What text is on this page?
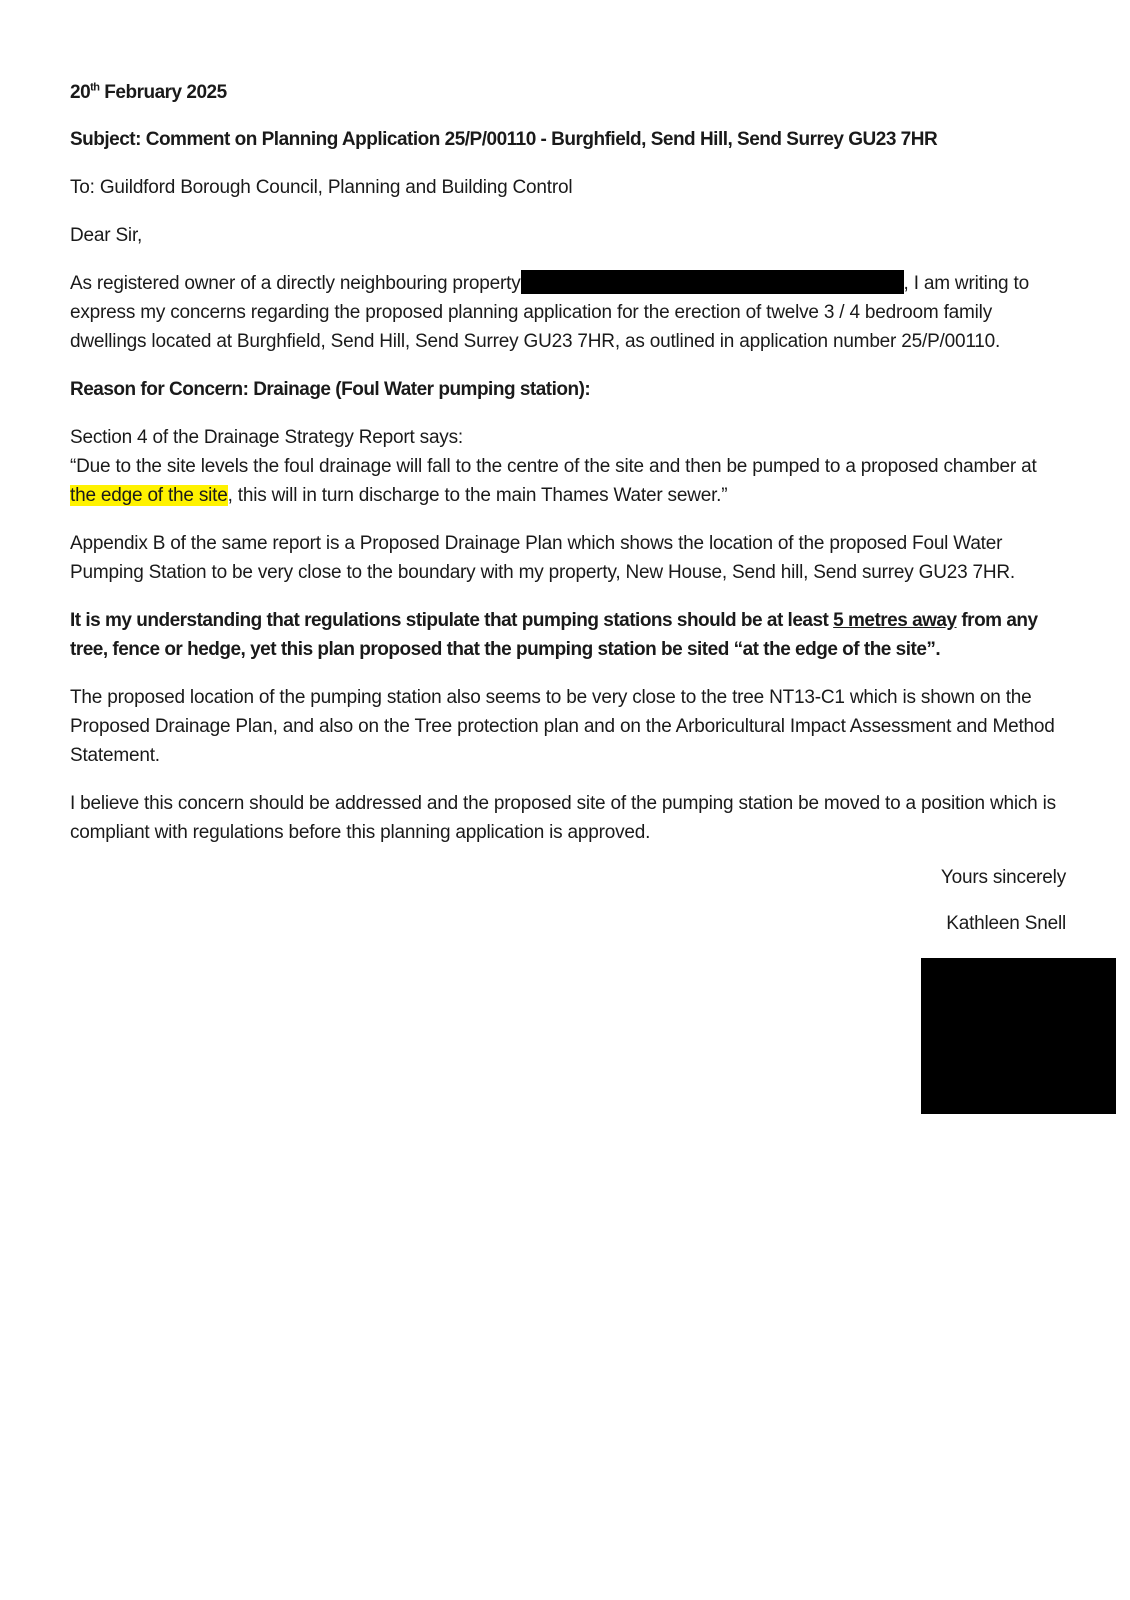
20th February 2025

Subject: Comment on Planning Application 25/P/00110 - Burghfield, Send Hill, Send Surrey GU23 7HR

To: Guildford Borough Council, Planning and Building Control

Dear Sir,

As registered owner of a directly neighbouring property	, I am writing to express my concerns regarding the proposed planning application for the erection of twelve 3 / 4 bedroom family dwellings located at Burghfield, Send Hill, Send Surrey GU23 7HR, as outlined in application number 25/P/00110.

Reason for Concern: Drainage (Foul Water pumping station):

Section 4 of the Drainage Strategy Report says:
“Due to the site levels the foul drainage will fall to the centre of the site and then be pumped to a proposed chamber at the edge of the site, this will in turn discharge to the main Thames Water sewer.”

Appendix B of the same report is a Proposed Drainage Plan which shows the location of the proposed Foul Water Pumping Station to be very close to the boundary with my property, New House, Send hill, Send surrey GU23 7HR.

It is my understanding that regulations stipulate that pumping stations should be at least 5 metres away from any tree, fence or hedge, yet this plan proposed that the pumping station be sited “at the edge of the site”.

The proposed location of the pumping station also seems to be very close to the tree NT13-C1 which is shown on the Proposed Drainage Plan, and also on the Tree protection plan and on the Arboricultural Impact Assessment and Method Statement.

I believe this concern should be addressed and the proposed site of the pumping station be moved to a position which is compliant with regulations before this planning application is approved.

Yours sincerely

Kathleen Snell
